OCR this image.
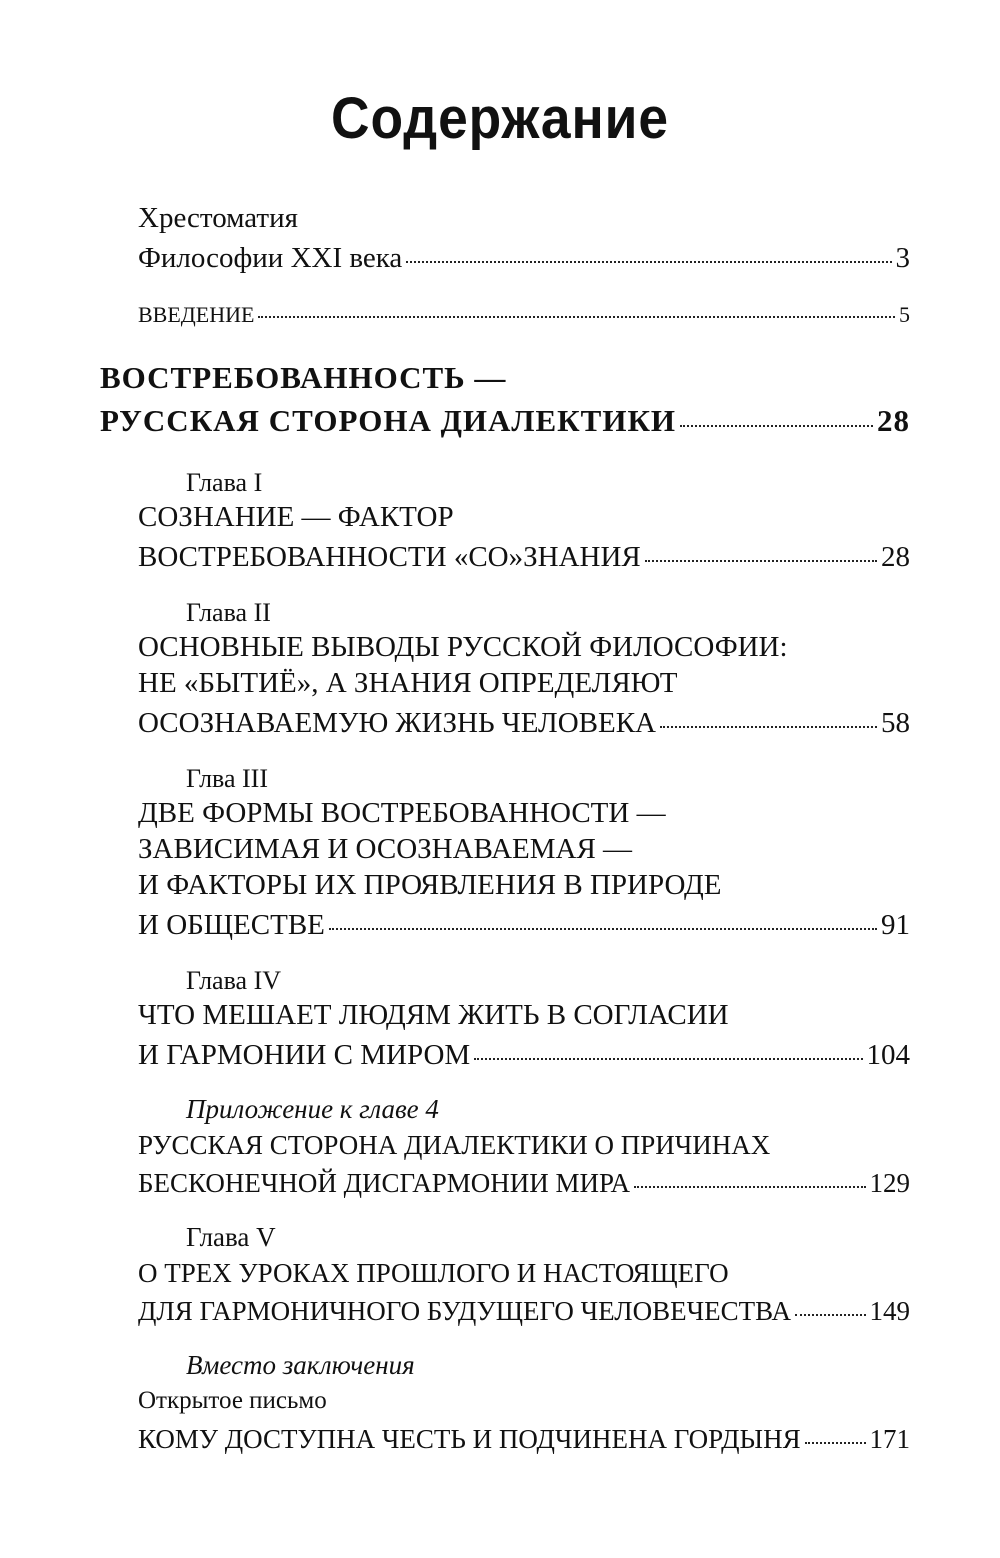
Содержание
Хрестоматия
Философии XXI века	3
ВВЕДЕНИЕ	5
ВОСТРЕБОВАННОСТЬ —
РУССКАЯ СТОРОНА ДИАЛЕКТИКИ	28
Глава I
СОЗНАНИЕ — ФАКТОР
ВОСТРЕБОВАННОСТИ «СО»ЗНАНИЯ	28
Глава II
ОСНОВНЫЕ ВЫВОДЫ РУССКОЙ ФИЛОСОФИИ:
НЕ «БЫТИЁ», А ЗНАНИЯ ОПРЕДЕЛЯЮТ
ОСОЗНАВАЕМУЮ ЖИЗНЬ ЧЕЛОВЕКА	58
Глва III
ДВЕ ФОРМЫ ВОСТРЕБОВАННОСТИ —
ЗАВИСИМАЯ И ОСОЗНАВАЕМАЯ —
И ФАКТОРЫ ИХ ПРОЯВЛЕНИЯ В ПРИРОДЕ
И ОБЩЕСТВЕ	91
Глава IV
ЧТО МЕШАЕТ ЛЮДЯМ ЖИТЬ В СОГЛАСИИ
И ГАРМОНИИ С МИРОМ	104
Приложение к главе 4
РУССКАЯ СТОРОНА ДИАЛЕКТИКИ О ПРИЧИНАХ
БЕСКОНЕЧНОЙ ДИСГАРМОНИИ МИРА	129
Глава V
О ТРЕХ УРОКАХ ПРОШЛОГО И НАСТОЯЩЕГО
ДЛЯ ГАРМОНИЧНОГО БУДУЩЕГО ЧЕЛОВЕЧЕСТВА	149
Вместо заключения
Открытое письмо
КОМУ ДОСТУПНА ЧЕСТЬ И ПОДЧИНЕНА ГОРДЫНЯ	171
